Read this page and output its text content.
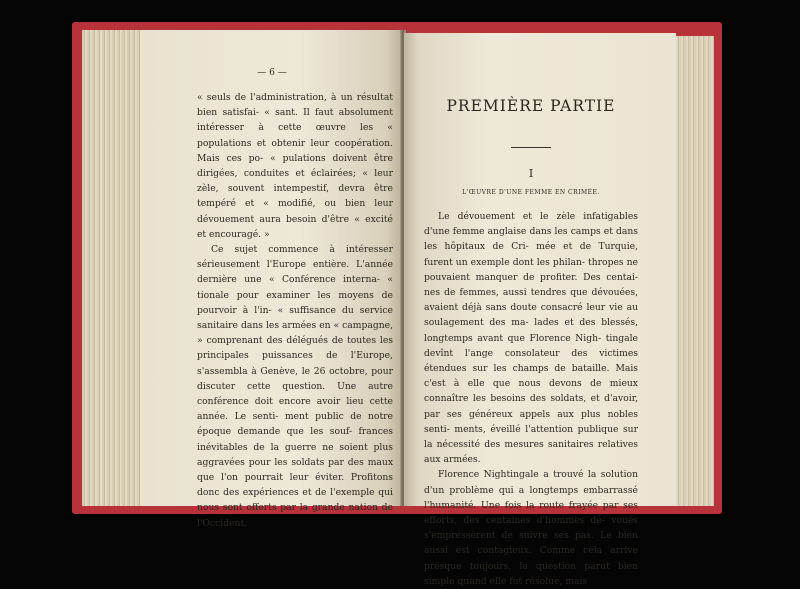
— 6 —

« seuls de l'administration, à un résultat bien satisfai- « sant. Il faut absolument intéresser à cette œuvre les « populations et obtenir leur coopération. Mais ces po- « pulations doivent être dirigées, conduites et éclairées; « leur zèle, souvent intempestif, devra être tempéré et « modifié, ou bien leur dévouement aura besoin d'être « excité et encouragé. »

Ce sujet commence à intéresser sérieusement l'Europe entière. L'année dernière une « Conférence interna- « tionale pour examiner les moyens de pourvoir à l'in- « suffisance du service sanitaire dans les armées en « campagne, » comprenant des délégués de toutes les principales puissances de l'Europe, s'assembla à Genève, le 26 octobre, pour discuter cette question. Une autre conférence doit encore avoir lieu cette année. Le senti- ment public de notre époque demande que les souf- frances inévitables de la guerre ne soient plus aggravées pour les soldats par des maux que l'on pourrait leur éviter. Profitons donc des expériences et de l'exemple qui nous sont offerts par la grande nation de l'Occident.

PREMIÈRE PARTIE
I
L'ŒUVRE D'UNE FEMME EN CRIMÉE.

Le dévouement et le zèle infatigables d'une femme anglaise dans les camps et dans les hôpitaux de Cri- mée et de Turquie, furent un exemple dont les philan- thropes ne pouvaient manquer de profiter. Des centai- nes de femmes, aussi tendres que dévouées, avaient déjà sans doute consacré leur vie au soulagement des ma- lades et des blessés, longtemps avant que Florence Nigh- tingale devînt l'ange consolateur des victimes étendues sur les champs de bataille. Mais c'est à elle que nous devons de mieux connaître les besoins des soldats, et d'avoir, par ses généreux appels aux plus nobles senti- ments, éveillé l'attention publique sur la nécessité des mesures sanitaires relatives aux armées.

Florence Nightingale a trouvé la solution d'un problème qui a longtemps embarrassé l'humanité. Une fois la route frayée par ses efforts, des centaines d'hommes dé- voués s'empressèrent de suivre ses pas. Le bien aussi est contagieux. Comme cela arrive presque toujours, la question parut bien simple quand elle fut résolue, mais
